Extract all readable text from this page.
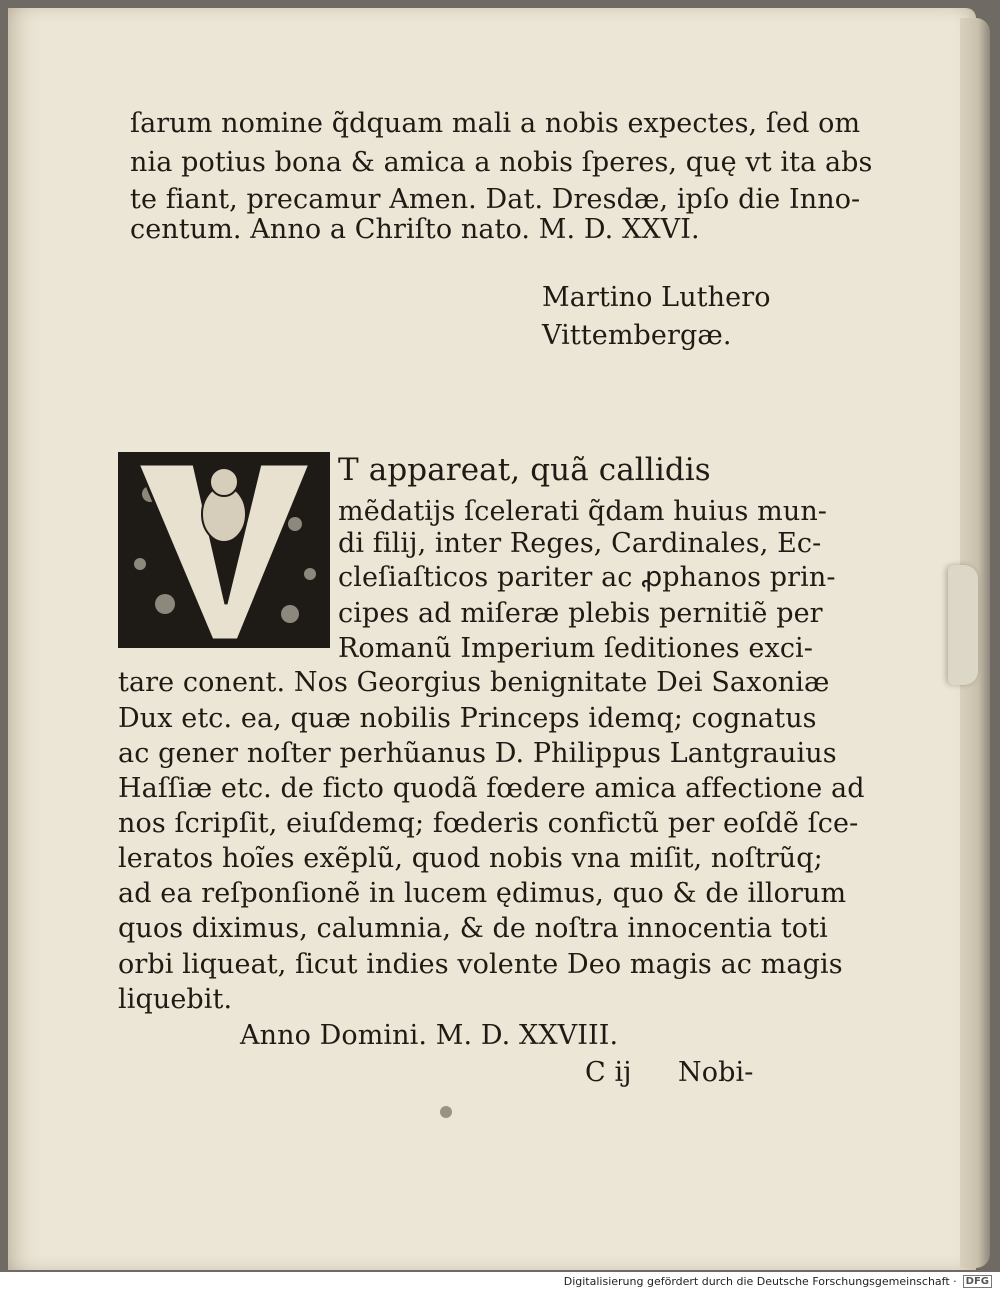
ſarum nomine q̃dquam mali a nobis expectes, ſed om

nia potius bona & amica a nobis ſperes, quę vt ita abs

te fiant, precamur Amen. Dat. Dresdæ, ipſo die Inno-

centum. Anno a Chriſto nato. M. D. XXVI.

Martino Luthero

Vittembergæ.

V

T appareat, quã callidis

mẽdatijs ſcelerati q̃dam huius mun-

di filij, inter Reges, Cardinales, Ec-

cleſiaſticos pariter ac ꝓphanos prin-

cipes ad miſeræ plebis pernitiẽ per

Romanũ Imperium ſeditiones exci-

tare conent. Nos Georgius benignitate Dei Saxoniæ

Dux etc. ea, quæ nobilis Princeps idemq; cognatus

ac gener noſter perhũanus D. Philippus Lantgrauius

Haſſiæ etc. de ficto quodã fœdere amica affectione ad

nos ſcripſit, eiuſdemq; fœderis confictũ per eoſdẽ ſce-

leratos hoĩes exẽplũ, quod nobis vna miſit, noſtrũq;

ad ea reſponſionẽ in lucem ędimus, quo & de illorum

quos diximus, calumnia, & de noſtra innocentia toti

orbi liqueat, ſicut indies volente Deo magis ac magis

liquebit.

Anno Domini. M. D. XXVIII.

C ij Nobi-

Digitalisierung gefördert durch die Deutsche Forschungsgemeinschaft · DFG
